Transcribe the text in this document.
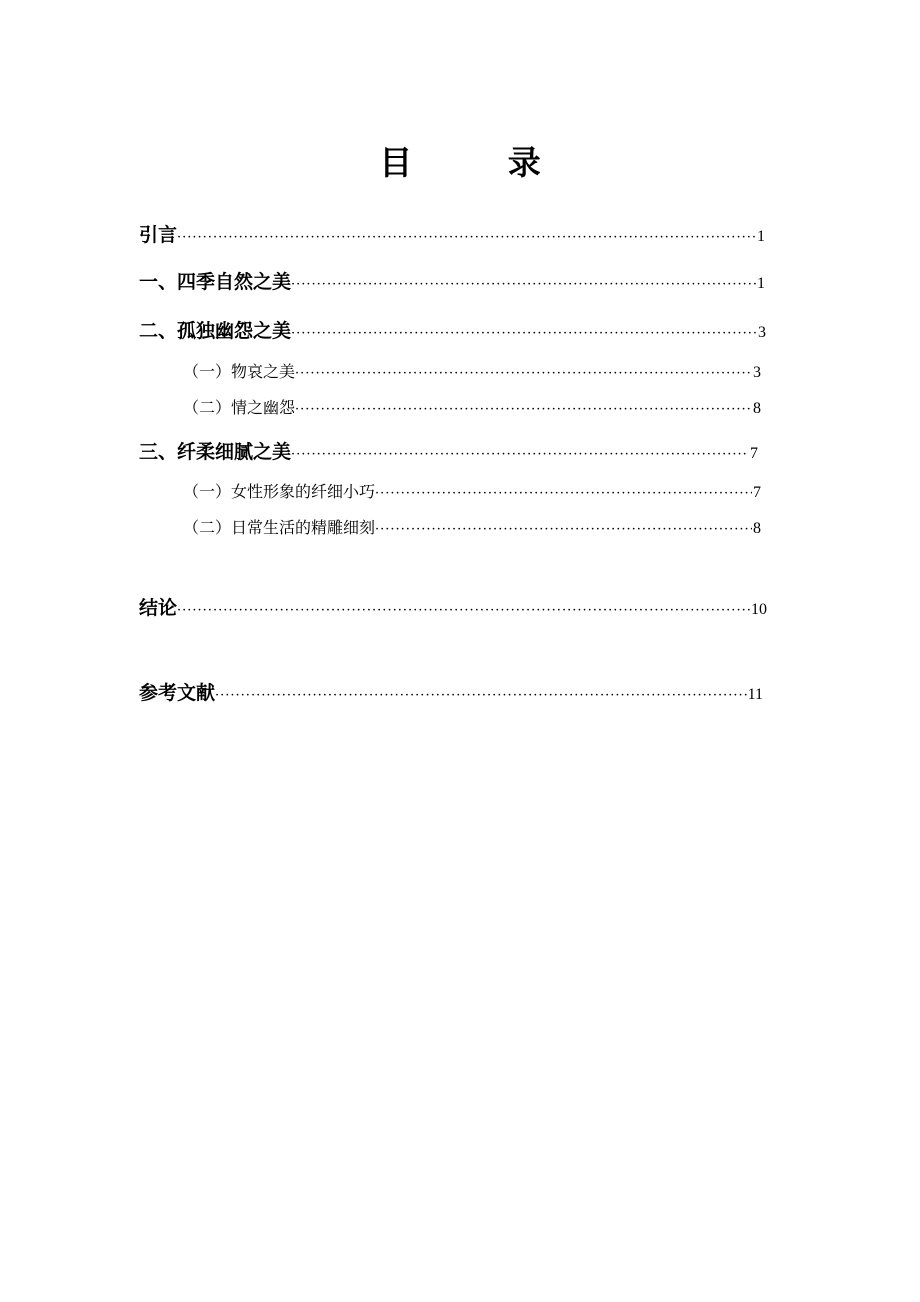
目 录
引言 ·····	1
一、四季自然之美 ·····	1
二、孤独幽怨之美 ·····	3
（一）物哀之美 ·····	3
（二）情之幽怨 ·····	8
三、纤柔细腻之美 ·····	7
（一）女性形象的纤细小巧 ·····	7
（二）日常生活的精雕细刻 ·····	8
结论 ·····	10
参考文献 ·····	11
